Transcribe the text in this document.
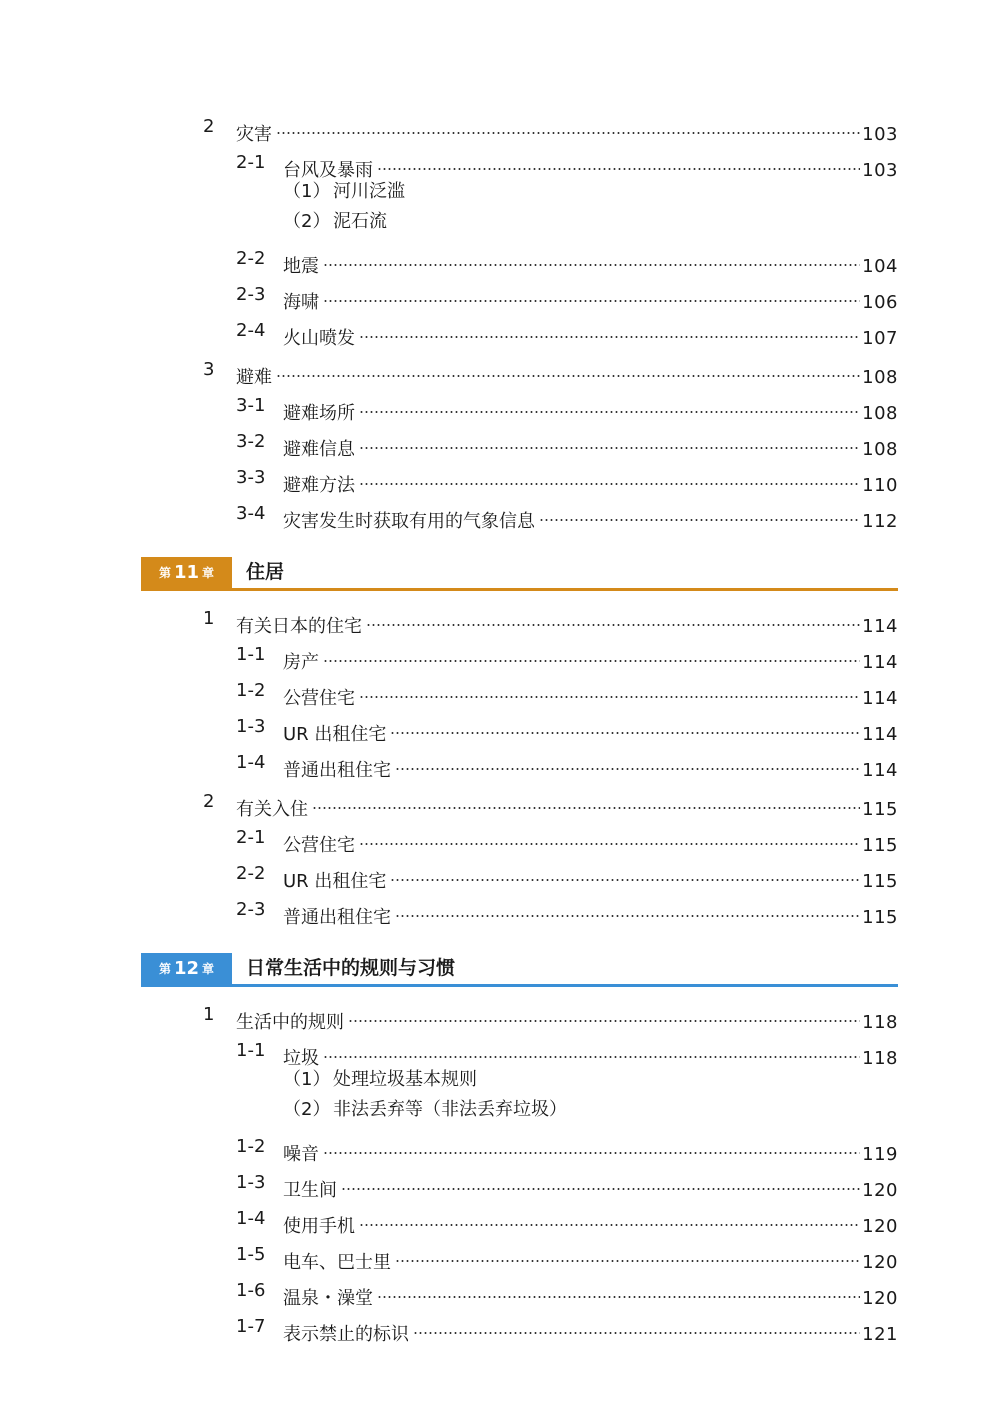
2 灾害	103
2-1 台风及暴雨	103
（1） 河川泛滥
（2） 泥石流
2-2 地震	104
2-3 海啸	106
2-4 火山喷发	107
3 避难	108
3-1 避难场所	108
3-2 避难信息	108
3-3 避难方法	110
3-4 灾害发生时获取有用的气象信息	112
第 11 章 住居
1 有关日本的住宅	114
1-1 房产	114
1-2 公营住宅	114
1-3 UR 出租住宅	114
1-4 普通出租住宅	114
2 有关入住	115
2-1 公营住宅	115
2-2 UR 出租住宅	115
2-3 普通出租住宅	115
第 12 章 日常生活中的规则与习惯
1 生活中的规则	118
1-1 垃圾	118
（1） 处理垃圾基本规则
（2） 非法丢弃等（非法丢弃垃圾）
1-2 噪音	119
1-3 卫生间	120
1-4 使用手机	120
1-5 电车、巴士里	120
1-6 温泉・澡堂	120
1-7 表示禁止的标识	121
